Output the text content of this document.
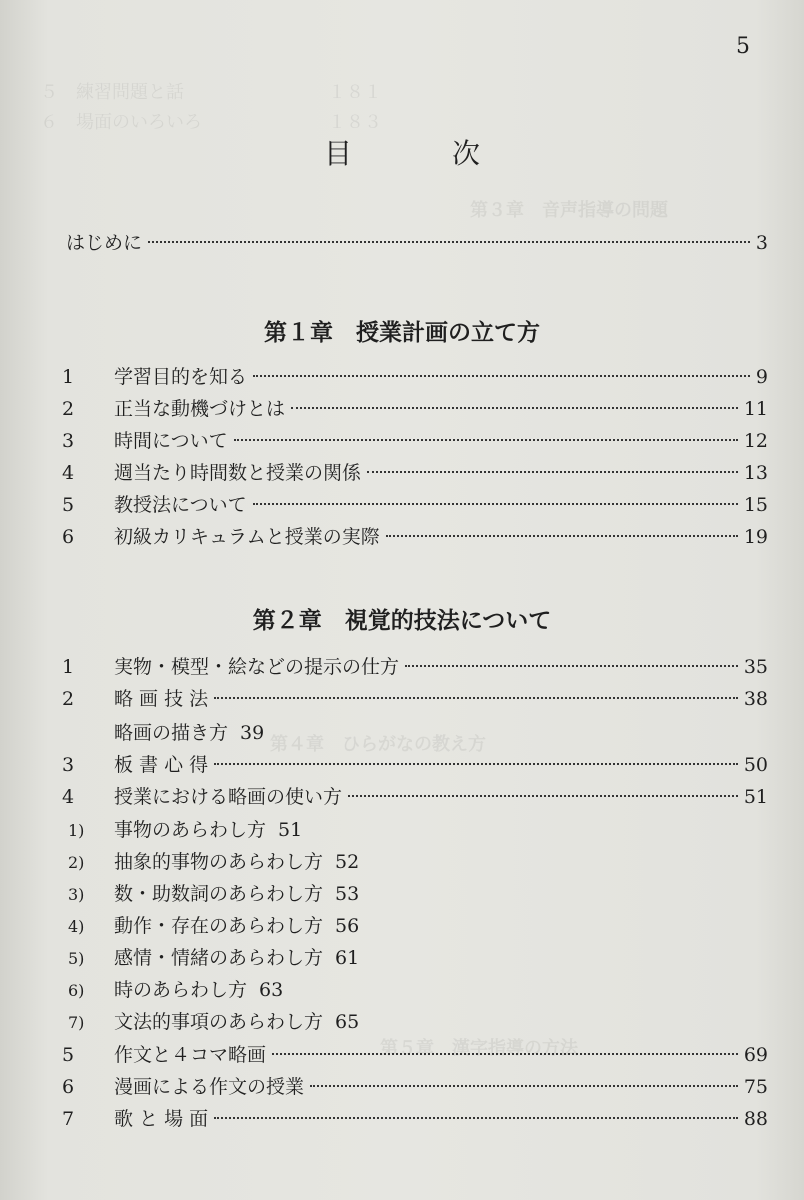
５　練習問題と話　　　　　　　　１８１　　　　
６　場面のいろいろ　　　　　　　１８３　　　　
第３章　音声指導の問題
第４章　ひらがなの教え方
第５章　漢字指導の方法
5
目　次
はじめに	3
第１章　授業計画の立て方
1	学習目的を知る	9
2	正当な動機づけとは	11
3	時間について	12
4	週当たり時間数と授業の関係	13
5	教授法について	15
6	初級カリキュラムと授業の実際	19
第２章　視覚的技法について
1	実物・模型・絵などの提示の仕方	35
2	略 画 技 法	38
略画の描き方 39
3	板 書 心 得	50
4	授業における略画の使い方	51
1)	事物のあらわし方 51
2)	抽象的事物のあらわし方 52
3)	数・助数詞のあらわし方 53
4)	動作・存在のあらわし方 56
5)	感情・情緒のあらわし方 61
6)	時のあらわし方 63
7)	文法的事項のあらわし方 65
5	作文と４コマ略画	69
6	漫画による作文の授業	75
7	歌 と 場 面	88
